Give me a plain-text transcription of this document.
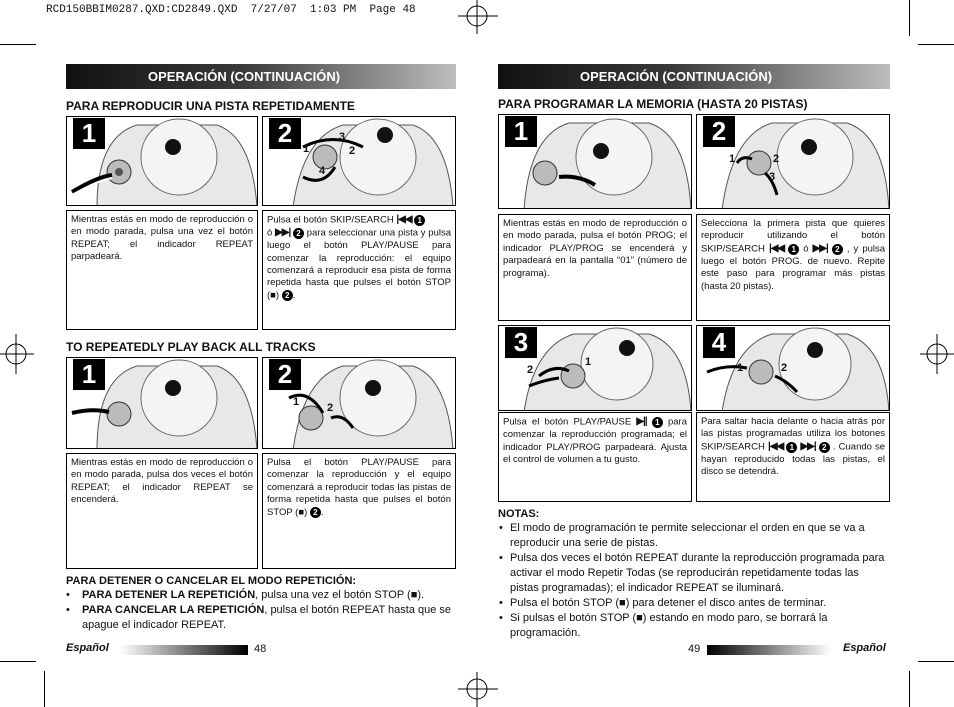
RCD150BBIM0287.QXD:CD2849.QXD  7/27/07  1:03 PM  Page 48
OPERACIÓN (CONTINUACIÓN)
PARA REPRODUCIR UNA PISTA REPETIDAMENTE
1	2	3
1	2
4
Mientras estás en modo de reproducción o en modo parada, pulsa una vez el botón REPEAT; el indicador REPEAT parpadeará.
Pulsa el botón SKIP/SEARCH |◀◀ 1
ó ▶▶| 2 para seleccionar una pista y pulsa luego el botón PLAY/PAUSE para comenzar la reproducción: el equipo comenzará a reproducir esa pista de forma repetida hasta que pulses el botón STOP (■) 2 .
TO REPEATEDLY PLAY BACK ALL TRACKS
1	2
1	2
Mientras estás en modo de reproducción o en modo parada, pulsa dos veces el botón REPEAT; el indicador REPEAT se encenderá.
Pulsa el botón PLAY/PAUSE para comenzar la reproducción y el equipo comenzará a reproducir todas las pistas de forma repetida hasta que pulses el botón STOP (■) 2 .
PARA DETENER O CANCELAR EL MODO REPETICIÓN:
• PARA DETENER LA REPETICIÓN, pulsa una vez el botón STOP (■).
• PARA CANCELAR LA REPETICIÓN, pulsa el botón REPEAT hasta que se apague el indicador REPEAT.
Español	48
OPERACIÓN (CONTINUACIÓN)
PARA PROGRAMAR LA MEMORIA (HASTA 20 PISTAS)
1	2
1	2
3
Mientras estás en modo de reproducción o en modo parada, pulsa el botón PROG; el indicador PLAY/PROG se encenderá y parpadeará en la pantalla “01” (número de programa).
Selecciona la primera pista que quieres reproducir utilizando el botón SKIP/SEARCH |◀◀ 1 ó ▶▶| 2 , y pulsa luego el botón PROG. de nuevo. Repite este paso para programar más pistas (hasta 20 pistas).
3
1
2
4
1	2
Pulsa el botón PLAY/PAUSE ▶|| 1 para comenzar la reproducción programada; el indicador PLAY/PROG parpadeará. Ajusta el control de volumen a tu gusto.
Para saltar hacia delante o hacia atrás por las pistas programadas utiliza los botones SKIP/SEARCH |◀◀ 1 ▶▶| 2 . Cuando se hayan reproducido todas las pistas, el disco se detendrá.
NOTAS:
• El modo de programación te permite seleccionar el orden en que se va a reproducir una serie de pistas.
• Pulsa dos veces el botón REPEAT durante la reproducción programada para activar el modo Repetir Todas (se reproducirán repetidamente todas las pistas programadas); el indicador REPEAT se iluminará.
• Pulsa el botón STOP (■) para detener el disco antes de terminar.
• Si pulsas el botón STOP (■) estando en modo paro, se borrará la programación.
49	Español
